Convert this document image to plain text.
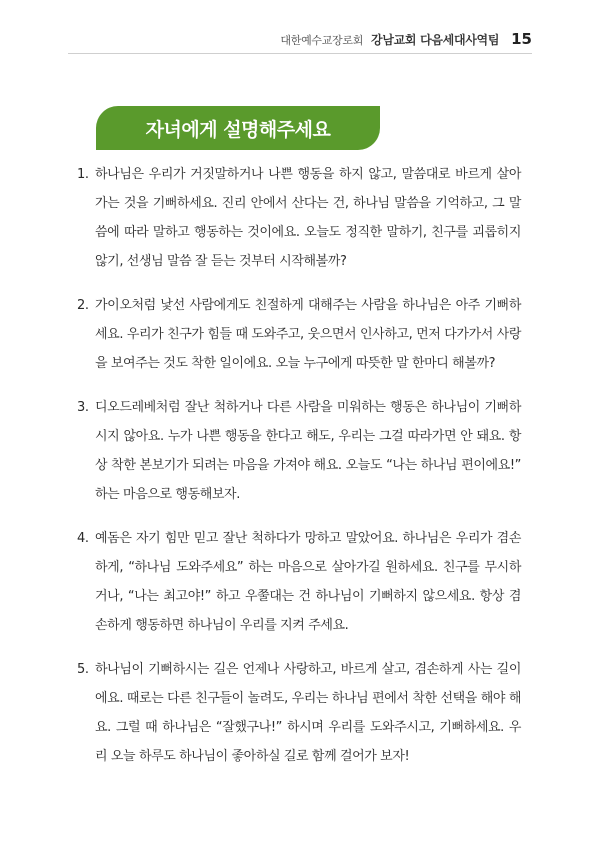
대한예수교장로회 강남교회 다음세대사역팀 15
자녀에게 설명해주세요
1. 하나님은 우리가 거짓말하거나 나쁜 행동을 하지 않고, 말씀대로 바르게 살아가는 것을 기뻐하세요. 진리 안에서 산다는 건, 하나님 말씀을 기억하고, 그 말씀에 따라 말하고 행동하는 것이에요. 오늘도 정직한 말하기, 친구를 괴롭히지 않기, 선생님 말씀 잘 듣는 것부터 시작해볼까?
2. 가이오처럼 낯선 사람에게도 친절하게 대해주는 사람을 하나님은 아주 기뻐하세요. 우리가 친구가 힘들 때 도와주고, 웃으면서 인사하고, 먼저 다가가서 사랑을 보여주는 것도 착한 일이에요. 오늘 누구에게 따뜻한 말 한마디 해볼까?
3. 디오드레베처럼 잘난 척하거나 다른 사람을 미워하는 행동은 하나님이 기뻐하시지 않아요. 누가 나쁜 행동을 한다고 해도, 우리는 그걸 따라가면 안 돼요. 항상 착한 본보기가 되려는 마음을 가져야 해요. 오늘도 “나는 하나님 편이에요!” 하는 마음으로 행동해보자.
4. 예돔은 자기 힘만 믿고 잘난 척하다가 망하고 말았어요. 하나님은 우리가 겸손하게, “하나님 도와주세요” 하는 마음으로 살아가길 원하세요. 친구를 무시하거나, “나는 최고야!” 하고 우쭐대는 건 하나님이 기뻐하지 않으세요. 항상 겸손하게 행동하면 하나님이 우리를 지켜 주세요.
5. 하나님이 기뻐하시는 길은 언제나 사랑하고, 바르게 살고, 겸손하게 사는 길이에요. 때로는 다른 친구들이 놀려도, 우리는 하나님 편에서 착한 선택을 해야 해요. 그럴 때 하나님은 “잘했구나!” 하시며 우리를 도와주시고, 기뻐하세요. 우리 오늘 하루도 하나님이 좋아하실 길로 함께 걸어가 보자!
